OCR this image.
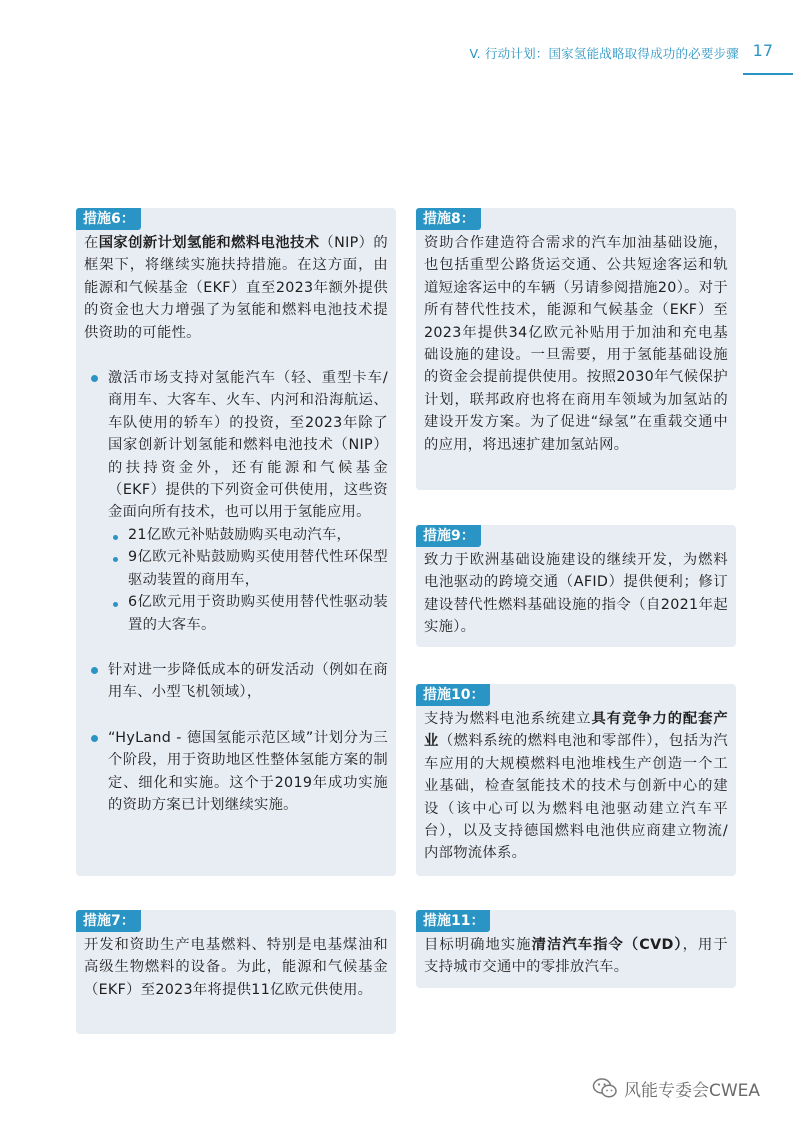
V. 行动计划：国家氢能战略取得成功的必要步骤 17
措施6：

在国家创新计划氢能和燃料电池技术（NIP）的框架下，将继续实施扶持措施。在这方面，由能源和气候基金（EKF）直至2023年额外提供的资金也大力增强了为氢能和燃料电池技术提供资助的可能性。

激活市场支持对氢能汽车（轻、重型卡车/商用车、大客车、火车、内河和沿海航运、车队使用的轿车）的投资，至2023年除了国家创新计划氢能和燃料电池技术（NIP）的扶持资金外，还有能源和气候基金（EKF）提供的下列资金可供使用，这些资金面向所有技术，也可以用于氢能应用。
21亿欧元补贴鼓励购买电动汽车，
9亿欧元补贴鼓励购买使用替代性环保型驱动装置的商用车，
6亿欧元用于资助购买使用替代性驱动装置的大客车。
针对进一步降低成本的研发活动（例如在商用车、小型飞机领域），
“HyLand - 德国氢能示范区域”计划分为三个阶段，用于资助地区性整体氢能方案的制定、细化和实施。这个于2019年成功实施的资助方案已计划继续实施。
措施7：

开发和资助生产电基燃料、特别是电基煤油和高级生物燃料的设备。为此，能源和气候基金（EKF）至2023年将提供11亿欧元供使用。

措施8：

资助合作建造符合需求的汽车加油基础设施，也包括重型公路货运交通、公共短途客运和轨道短途客运中的车辆（另请参阅措施20）。对于所有替代性技术，能源和气候基金（EKF）至2023年提供34亿欧元补贴用于加油和充电基础设施的建设。一旦需要，用于氢能基础设施的资金会提前提供使用。按照2030年气候保护计划，联邦政府也将在商用车领域为加氢站的建设开发方案。为了促进“绿氢”在重载交通中的应用，将迅速扩建加氢站网。

措施9：

致力于欧洲基础设施建设的继续开发，为燃料电池驱动的跨境交通（AFID）提供便利；修订建设替代性燃料基础设施的指令（自2021年起实施）。

措施10：

支持为燃料电池系统建立具有竞争力的配套产业（燃料系统的燃料电池和零部件），包括为汽车应用的大规模燃料电池堆栈生产创造一个工业基础，检查氢能技术的技术与创新中心的建设（该中心可以为燃料电池驱动建立汽车平台），以及支持德国燃料电池供应商建立物流/内部物流体系。

措施11：

目标明确地实施清洁汽车指令（CVD），用于支持城市交通中的零排放汽车。

风能专委会CWEA
